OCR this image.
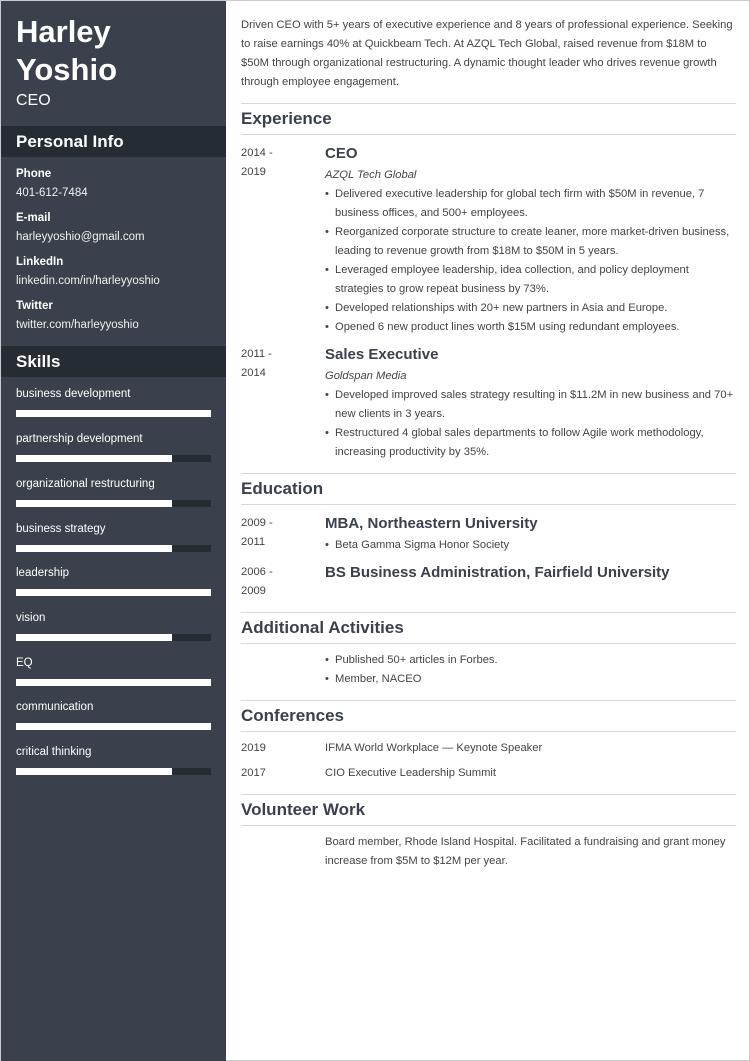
Harley Yoshio
CEO
Personal Info
Phone
401-612-7484
E-mail
harleyyoshio@gmail.com
LinkedIn
linkedin.com/in/harleyyoshio
Twitter
twitter.com/harleyyoshio
Skills
business development
partnership development
organizational restructuring
business strategy
leadership
vision
EQ
communication
critical thinking
Driven CEO with 5+ years of executive experience and 8 years of professional experience. Seeking to raise earnings 40% at Quickbeam Tech. At AZQL Tech Global, raised revenue from $18M to $50M through organizational restructuring. A dynamic thought leader who drives revenue growth through employee engagement.
Experience
2014 -
2019
CEO
AZQL Tech Global
• Delivered executive leadership for global tech firm with $50M in revenue, 7 business offices, and 500+ employees.
• Reorganized corporate structure to create leaner, more market-driven business, leading to revenue growth from $18M to $50M in 5 years.
• Leveraged employee leadership, idea collection, and policy deployment strategies to grow repeat business by 73%.
• Developed relationships with 20+ new partners in Asia and Europe.
• Opened 6 new product lines worth $15M using redundant employees.
2011 -
2014
Sales Executive
Goldspan Media
• Developed improved sales strategy resulting in $11.2M in new business and 70+ new clients in 3 years.
• Restructured 4 global sales departments to follow Agile work methodology, increasing productivity by 35%.
Education
2009 -
2011
MBA, Northeastern University
• Beta Gamma Sigma Honor Society
2006 -
2009
BS Business Administration, Fairfield University
Additional Activities
• Published 50+ articles in Forbes.
• Member, NACEO
Conferences
2019	IFMA World Workplace — Keynote Speaker
2017	CIO Executive Leadership Summit
Volunteer Work
Board member, Rhode Island Hospital. Facilitated a fundraising and grant money increase from $5M to $12M per year.
